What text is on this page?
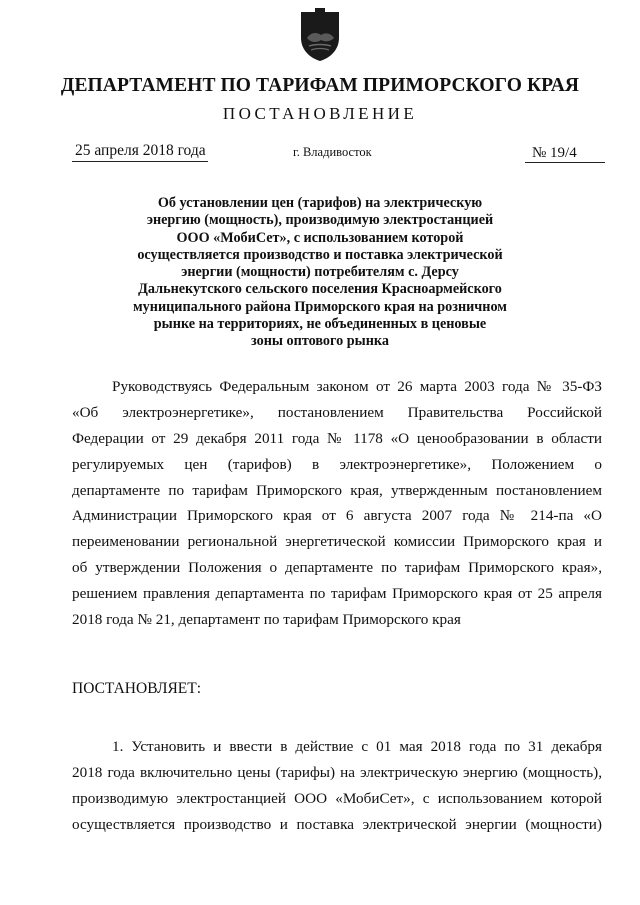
ДЕПАРТАМЕНТ ПО ТАРИФАМ ПРИМОРСКОГО КРАЯ
ПОСТАНОВЛЕНИЕ
25 апреля 2018 года	г. Владивосток	№ 19/4
Об установлении цен (тарифов) на электрическую
энергию (мощность), производимую электростанцией
ООО «МобиСет», с использованием которой
осуществляется производство и поставка электрической
энергии (мощности) потребителям с. Дерсу
Дальнекутского сельского поселения Красноармейского
муниципального района Приморского края на розничном
рынке на территориях, не объединенных в ценовые
зоны оптового рынка
Руководствуясь Федеральным законом от 26 марта 2003 года № 35-ФЗ
«Об электроэнергетике», постановлением Правительства Российской
Федерации от 29 декабря 2011 года № 1178 «О ценообразовании в области
регулируемых цен (тарифов) в электроэнергетике», Положением о
департаменте по тарифам Приморского края, утвержденным постановлением
Администрации Приморского края от 6 августа 2007 года № 214-па «О
переименовании региональной энергетической комиссии Приморского края и
об утверждении Положения о департаменте по тарифам Приморского края»,
решением правления департамента по тарифам Приморского края от 25 апреля
2018 года № 21, департамент по тарифам Приморского края
ПОСТАНОВЛЯЕТ:
1. Установить и ввести в действие с 01 мая 2018 года по 31 декабря
2018 года включительно цены (тарифы) на электрическую энергию (мощность),
производимую электростанцией ООО «МобиСет», с использованием которой
осуществляется производство и поставка электрической энергии (мощности)
